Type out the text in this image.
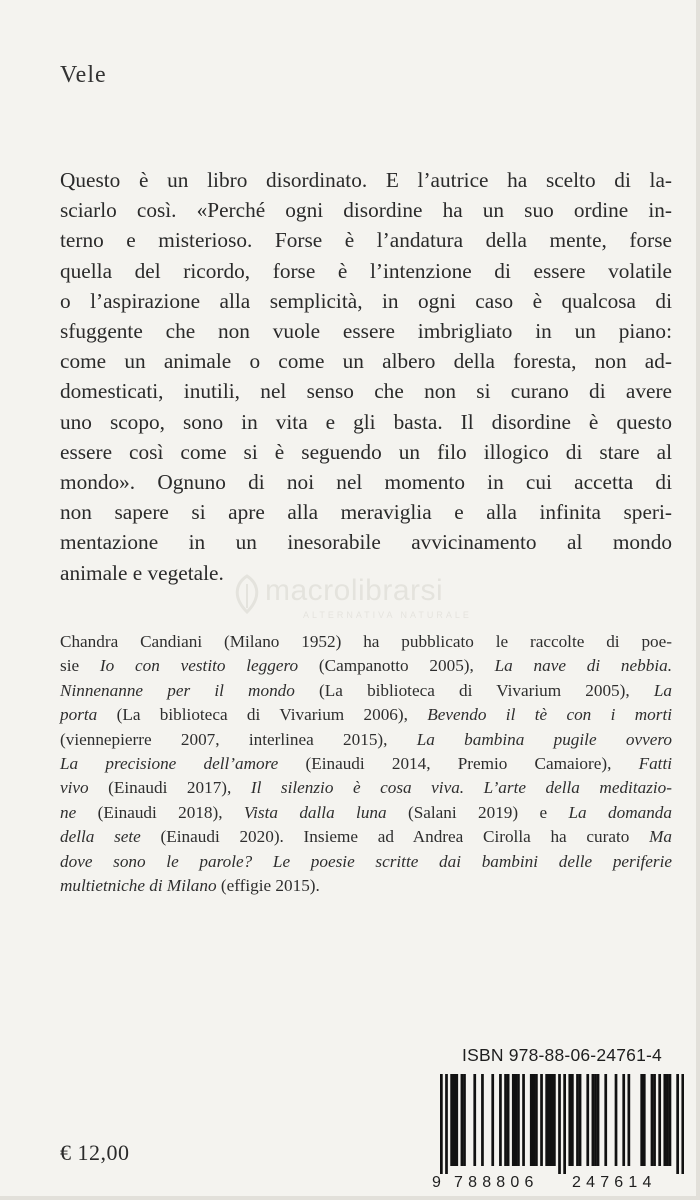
Vele
Questo è un libro disordinato. E l’autrice ha scelto di la-
sciarlo così. «Perché ogni disordine ha un suo ordine in-
terno e misterioso. Forse è l’andatura della mente, forse
quella del ricordo, forse è l’intenzione di essere volatile
o l’aspirazione alla semplicità, in ogni caso è qualcosa di
sfuggente che non vuole essere imbrigliato in un piano:
come un animale o come un albero della foresta, non ad-
domesticati, inutili, nel senso che non si curano di avere
uno scopo, sono in vita e gli basta. Il disordine è questo
essere così come si è seguendo un filo illogico di stare al
mondo». Ognuno di noi nel momento in cui accetta di
non sapere si apre alla meraviglia e alla infinita speri-
mentazione in un inesorabile avvicinamento al mondo
animale e vegetale.
macrolibrarsi
ALTERNATIVA NATURALE
Chandra Candiani (Milano 1952) ha pubblicato le raccolte di poe-
sie Io con vestito leggero (Campanotto 2005), La nave di nebbia.
Ninnenanne per il mondo (La biblioteca di Vivarium 2005), La
porta (La biblioteca di Vivarium 2006), Bevendo il tè con i morti
(viennepierre 2007, interlinea 2015), La bambina pugile ovvero
La precisione dell’amore (Einaudi 2014, Premio Camaiore), Fatti
vivo (Einaudi 2017), Il silenzio è cosa viva. L’arte della meditazio-
ne (Einaudi 2018), Vista dalla luna (Salani 2019) e La domanda
della sete (Einaudi 2020). Insieme ad Andrea Cirolla ha curato Ma
dove sono le parole? Le poesie scritte dai bambini delle periferie
multietniche di Milano (effigie 2015).
ISBN 978-88-06-24761-4
9 788806 247614
€ 12,00
